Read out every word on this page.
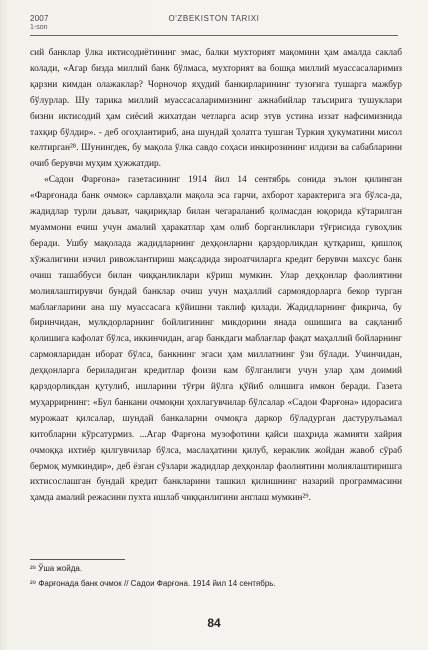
2007
1-son
O'ZBEKISTON TARIXI

сий банклар ўлка иктисодиётининг эмас, балки мухторият мақомини ҳам амалда саклаб колади, «Агар бизда миллий банк бўлмаса, мухторият ва бошқа миллий муассасаларимиз қарзни кимдан олажаклар? Чорночор яҳудий банкирларининг тузоғига тушарга мажбур бўлурлар. Шу тарика миллий муассасаларимизнинг ажнабийлар таъсирига тушуклари бизни иктисодий ҳам сиёсий жихатдан четларга асир этув устина иззат нафсимизнида тахқир бўлдир». - деб огоҳлантириб, ана шундай ҳолатга тушган Туркия ҳукуматини мисол келтирган²⁸. Шунингдек, бу мақола ўлка савдо соҳаси инкирозининг илдизи ва сабабларини очиб берувчи муҳим ҳужжатдир.

«Садои Фарғона» газетасининг 1914 йил 14 сентябрь сонида эълон қилинган «Фарғонада банк очмок» сарлавҳали мақола эса гарчи, ахборот характерига эга бўлса-да, жадидлар турли даъват, чақириқлар билан чегараланиб қолмасдан юқорида кўтарилган муаммони ечиш учун амалий ҳаракатлар ҳам олиб борганликлари тўғрисида гувоҳлик беради. Ушбу мақолада жадидларнинг деҳқонларни қарздорликдан қутқариш, қишлоқ хўжалигини изчил ривожлантириш мақсадида зироатчиларга кредит берувчи махсус банк очиш ташаббуси билан чиққанликлари кўриш мумкин. Улар деҳқонлар фаолиятини молиялаштирувчи бундай банклар очиш учун маҳаллий сармоядорларга бекор турган маблағларини ана шу муассасага кўйишни таклиф қилади. Жадидларнинг фикрича, бу биринчидан, мулкдорларнинг бойлигининг микдорини янада ошишига ва сақланиб қолишига кафолат бўлса, иккинчидан, агар банкдаги маблағлар фақат маҳаллий бойларнинг сармояларидан иборат бўлса, банкнинг эгаси ҳам миллатнинг ўзи бўлади. Учинчидан, деҳқонларга бериладиган кредитлар фоизи кам бўлганлиги учун улар ҳам доимий қарздорликдан қутулиб, ишларини тўғри йўлга қўйиб олишига имкон беради. Газета муҳаррирнинг: «Бул банкани очмоқни ҳохлагувчилар бўлсалар «Садои Фарғона» идорасига мурожаат қилсалар, шундай банкаларни очмоқга даркор бўладурган дастурулъамал китобларни кўрсатурмиз. ...Агар Фарғона музофотини қайси шаҳрида жамияти хайрия очмоққа ихтиёр қилгувчилар бўлса, маслаҳатини қилуб, кераклик жойдан жавоб сўраб бермоқ мумкиндир», деб ёзган сўзлари жадидлар деҳқонлар фаолиятини молиялаштиришга ихтисослашган бундай кредит банкларини ташкил қилишнинг назарий программасини ҳамда амалий режасини пухта ишлаб чиққанлигини англаш мумкин²⁹.

²⁸ Ўша жойда.
²⁹ Фарғонада банк очмок // Садои Фарғона. 1914 йил 14 сентябрь.
84
